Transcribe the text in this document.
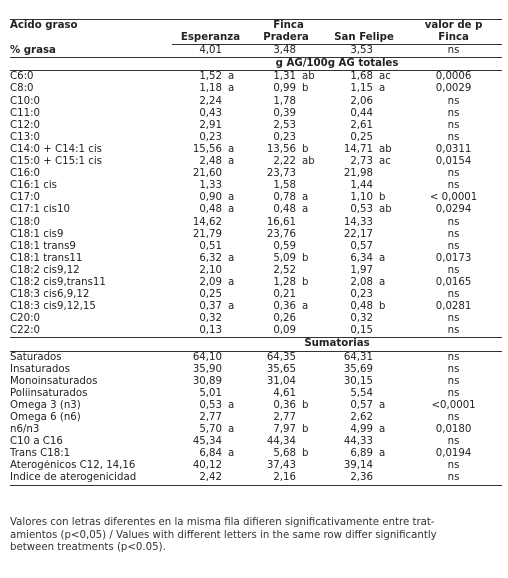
Ácido graso	Finca						valor de p
	Esperanza		Pradera		San Felipe		Finca
% grasa	4,01		3,48		3,53		ns
	g AG/100g AG totales						
C6:0	1,52	a	1,31	ab	1,68	ac	0,0006
C8:0	1,18	a	0,99	b	1,15	a	0,0029
C10:0	2,24		1,78		2,06		ns
C11:0	0,43		0,39		0,44		ns
C12:0	2,91		2,53		2,61		ns
C13:0	0,23		0,23		0,25		ns
C14:0 + C14:1 cis	15,56	a	13,56	b	14,71	ab	0,0311
C15:0 + C15:1 cis	2,48	a	2,22	ab	2,73	ac	0,0154
C16:0	21,60		23,73		21,98		ns
C16:1 cis	1,33		1,58		1,44		ns
C17:0	0,90	a	0,78	a	1,10	b	< 0,0001
C17:1 cis10	0,48	a	0,48	a	0,53	ab	0,0294
C18:0	14,62		16,61		14,33		ns
C18:1 cis9	21,79		23,76		22,17		ns
C18:1 trans9	0,51		0,59		0,57		ns
C18:1 trans11	6,32	a	5,09	b	6,34	a	0,0173
C18:2 cis9,12	2,10		2,52		1,97		ns
C18:2 cis9,trans11	2,09	a	1,28	b	2,08	a	0,0165
C18:3 cis6,9,12	0,25		0,21		0,23		ns
C18:3 cis9,12,15	0,37	a	0,36	a	0,48	b	0,0281
C20:0	0,32		0,26		0,32		ns
C22:0	0,13		0,09		0,15		ns
	Sumatorias						
Saturados	64,10		64,35		64,31		ns
Insaturados	35,90		35,65		35,69		ns
Monoinsaturados	30,89		31,04		30,15		ns
Poliinsaturados	5,01		4,61		5,54		ns
Omega 3 (n3)	0,53	a	0,36	b	0,57	a	<0,0001
Omega 6 (n6)	2,77		2,77		2,62		ns
n6/n3	5,70	a	7,97	b	4,99	a	0,0180
C10 a C16	45,34		44,34		44,33		ns
Trans C18:1	6,84	a	5,68	b	6,89	a	0,0194
Aterogénicos C12, 14,16	40,12		37,43		39,14		ns
Índice de aterogenicidad	2,42		2,16		2,36		ns
Valores con letras diferentes en la misma fila difieren significativamente entre trat-
amientos (p<0,05) / Values with different letters in the same row differ significantly
between treatments (p<0.05).
